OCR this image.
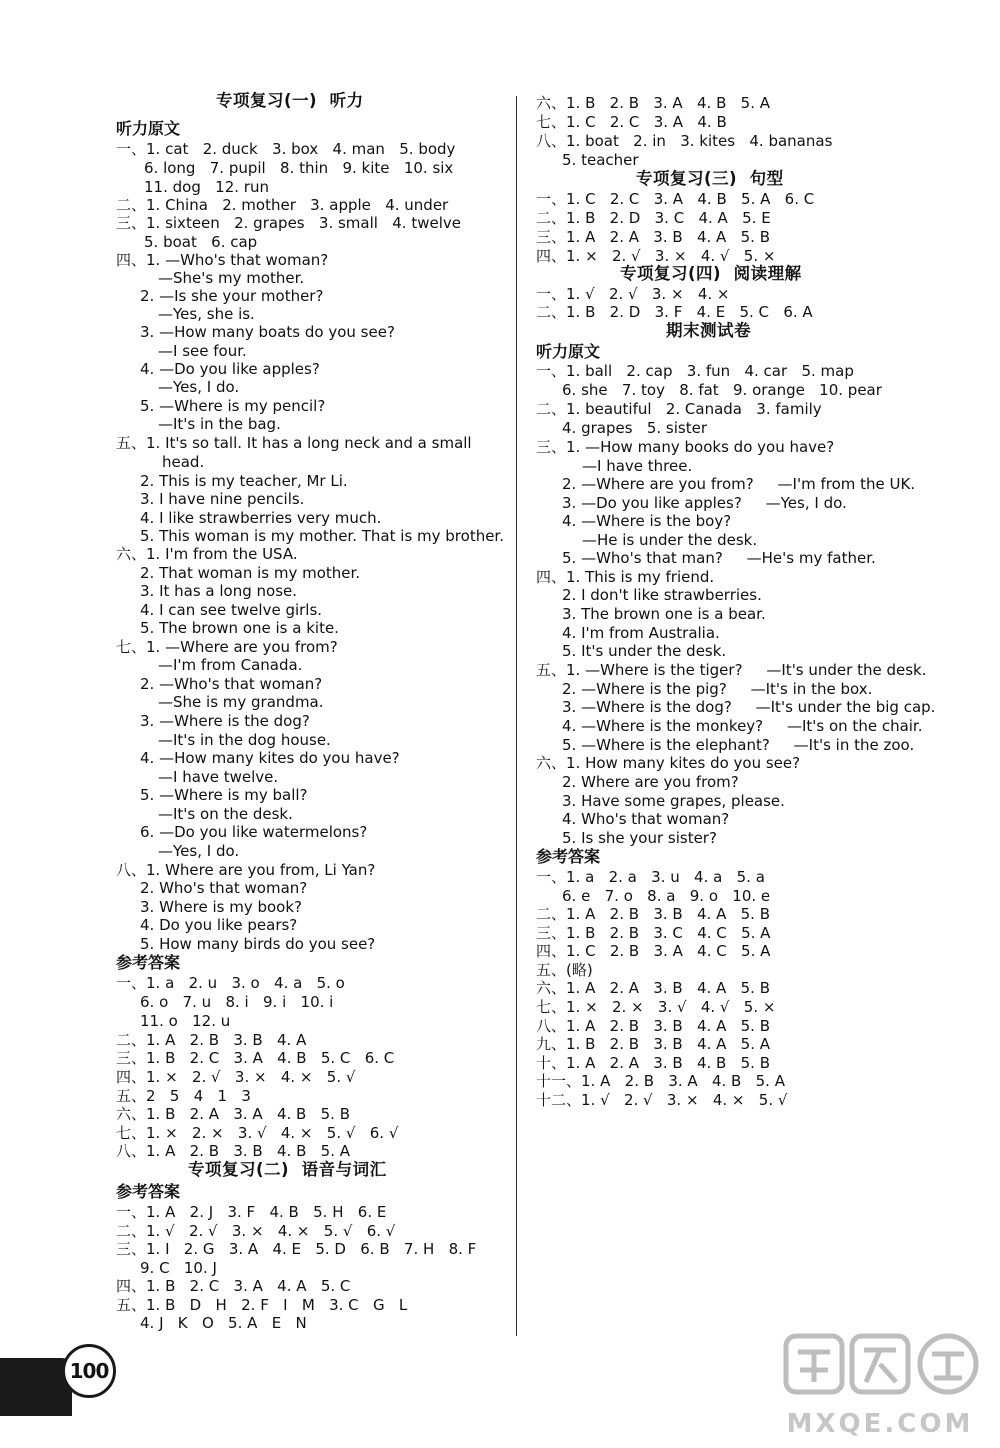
专项复习(一)  听力
听力原文
一、1. cat   2. duck   3. box   4. man   5. body
6. long   7. pupil   8. thin   9. kite   10. six
11. dog   12. run
二、1. China   2. mother   3. apple   4. under
三、1. sixteen   2. grapes   3. small   4. twelve
5. boat   6. cap
四、1. —Who's that woman?
—She's my mother.
2. —Is she your mother?
—Yes, she is.
3. —How many boats do you see?
—I see four.
4. —Do you like apples?
—Yes, I do.
5. —Where is my pencil?
—It's in the bag.
五、1. It's so tall. It has a long neck and a small
head.
2. This is my teacher, Mr Li.
3. I have nine pencils.
4. I like strawberries very much.
5. This woman is my mother. That is my brother.
六、1. I'm from the USA.
2. That woman is my mother.
3. It has a long nose.
4. I can see twelve girls.
5. The brown one is a kite.
七、1. —Where are you from?
—I'm from Canada.
2. —Who's that woman?
—She is my grandma.
3. —Where is the dog?
—It's in the dog house.
4. —How many kites do you have?
—I have twelve.
5. —Where is my ball?
—It's on the desk.
6. —Do you like watermelons?
—Yes, I do.
八、1. Where are you from, Li Yan?
2. Who's that woman?
3. Where is my book?
4. Do you like pears?
5. How many birds do you see?
参考答案
一、1. a   2. u   3. o   4. a   5. o
6. o   7. u   8. i   9. i   10. i
11. o   12. u
二、1. A   2. B   3. B   4. A
三、1. B   2. C   3. A   4. B   5. C   6. C
四、1. ×   2. √   3. ×   4. ×   5. √
五、2   5   4   1   3
六、1. B   2. A   3. A   4. B   5. B
七、1. ×   2. ×   3. √   4. ×   5. √   6. √
八、1. A   2. B   3. B   4. B   5. A
专项复习(二)  语音与词汇
参考答案
一、1. A   2. J   3. F   4. B   5. H   6. E
二、1. √   2. √   3. ×   4. ×   5. √   6. √
三、1. I   2. G   3. A   4. E   5. D   6. B   7. H   8. F
9. C   10. J
四、1. B   2. C   3. A   4. A   5. C
五、1. B   D   H   2. F   I   M   3. C   G   L
4. J   K   O   5. A   E   N
六、1. B   2. B   3. A   4. B   5. A
七、1. C   2. C   3. A   4. B
八、1. boat   2. in   3. kites   4. bananas
5. teacher
专项复习(三)  句型
一、1. C   2. C   3. A   4. B   5. A   6. C
二、1. B   2. D   3. C   4. A   5. E
三、1. A   2. A   3. B   4. A   5. B
四、1. ×   2. √   3. ×   4. √   5. ×
专项复习(四)  阅读理解
一、1. √   2. √   3. ×   4. ×
二、1. B   2. D   3. F   4. E   5. C   6. A
期末测试卷
听力原文
一、1. ball   2. cap   3. fun   4. car   5. map
6. she   7. toy   8. fat   9. orange   10. pear
二、1. beautiful   2. Canada   3. family
4. grapes   5. sister
三、1. —How many books do you have?
—I have three.
2. —Where are you from?     —I'm from the UK.
3. —Do you like apples?     —Yes, I do.
4. —Where is the boy?
—He is under the desk.
5. —Who's that man?     —He's my father.
四、1. This is my friend.
2. I don't like strawberries.
3. The brown one is a bear.
4. I'm from Australia.
5. It's under the desk.
五、1. —Where is the tiger?     —It's under the desk.
2. —Where is the pig?     —It's in the box.
3. —Where is the dog?     —It's under the big cap.
4. —Where is the monkey?     —It's on the chair.
5. —Where is the elephant?     —It's in the zoo.
六、1. How many kites do you see?
2. Where are you from?
3. Have some grapes, please.
4. Who's that woman?
5. Is she your sister?
参考答案
一、1. a   2. a   3. u   4. a   5. a
6. e   7. o   8. a   9. o   10. e
二、1. A   2. B   3. B   4. A   5. B
三、1. B   2. B   3. C   4. C   5. A
四、1. C   2. B   3. A   4. C   5. A
五、(略)
六、1. A   2. A   3. B   4. A   5. B
七、1. ×   2. ×   3. √   4. √   5. ×
八、1. A   2. B   3. B   4. A   5. B
九、1. B   2. B   3. B   4. A   5. A
十、1. A   2. A   3. B   4. B   5. B
十一、1. A   2. B   3. A   4. B   5. A
十二、1. √   2. √   3. ×   4. ×   5. √
100
MXQE.COM
